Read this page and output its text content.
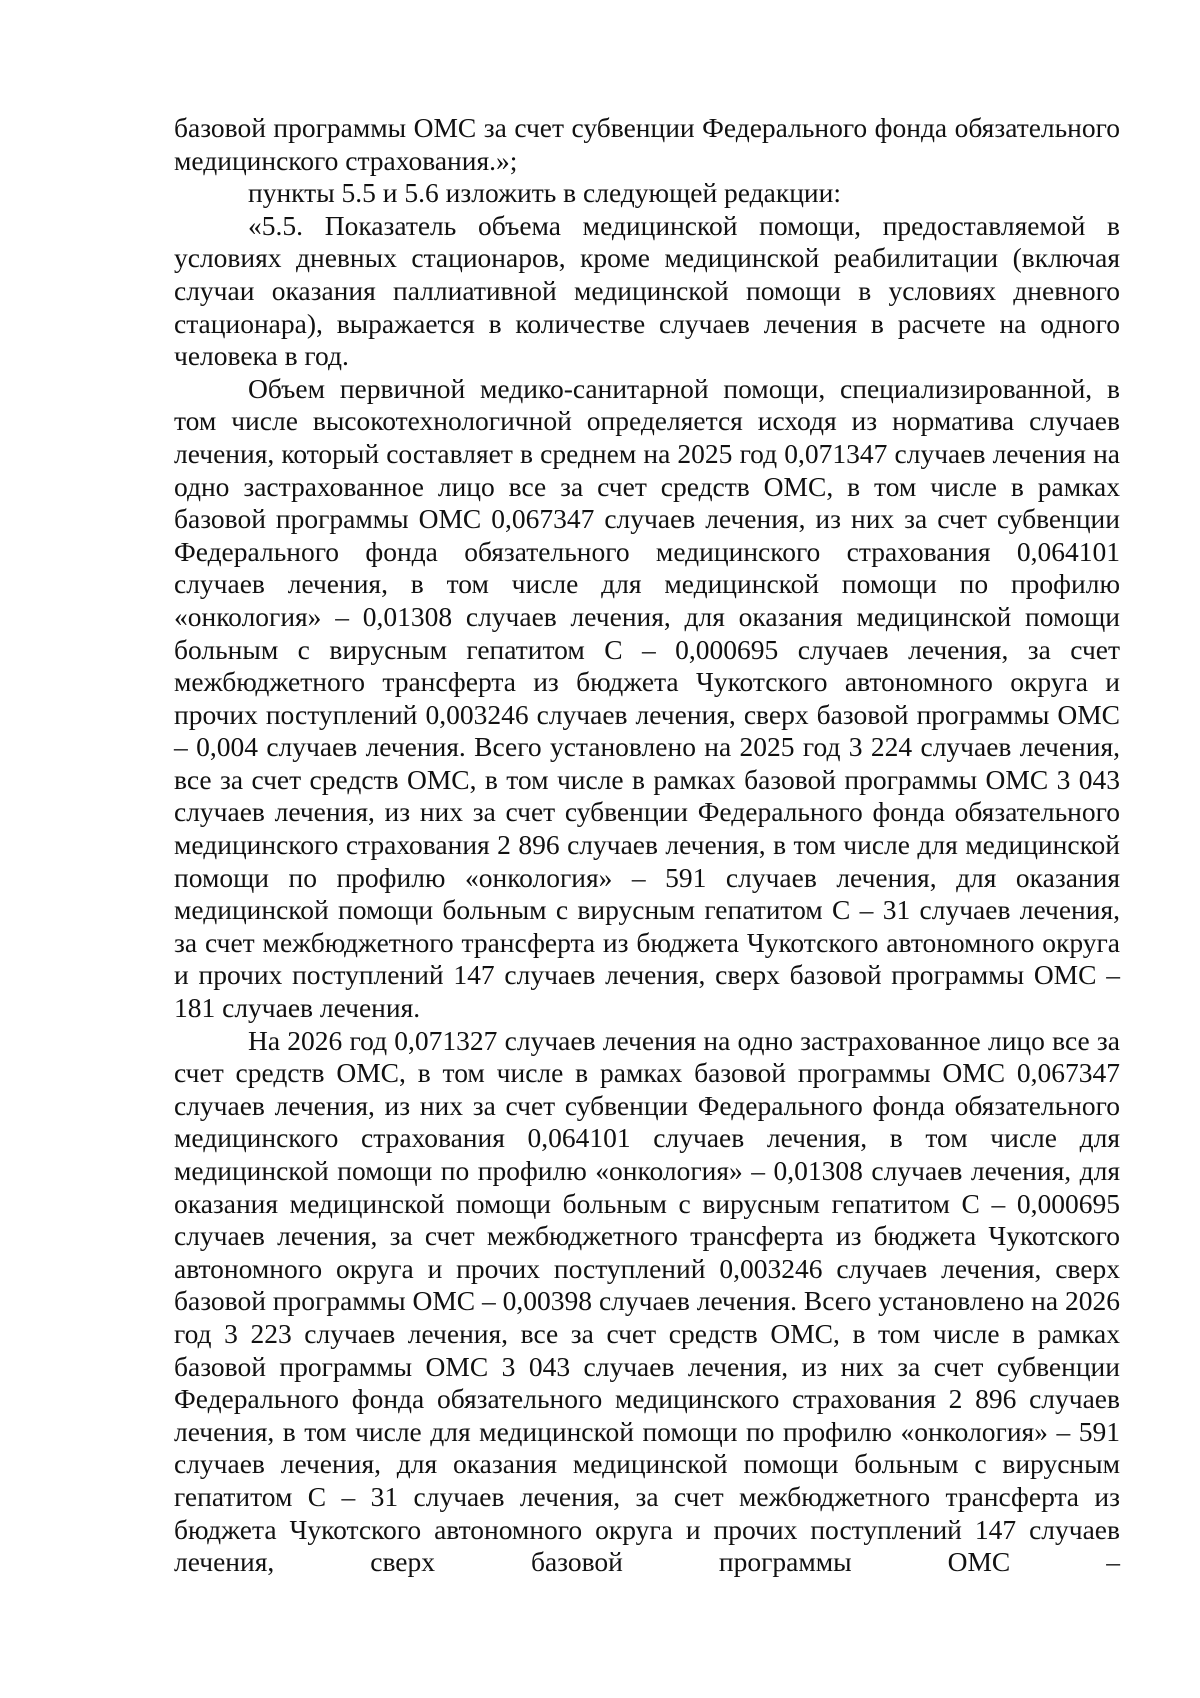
базовой программы ОМС за счет субвенции Федерального фонда обязательного медицинского страхования.»;

пункты 5.5 и 5.6 изложить в следующей редакции:

«5.5. Показатель объема медицинской помощи, предоставляемой в условиях дневных стационаров, кроме медицинской реабилитации (включая случаи оказания паллиативной медицинской помощи в условиях дневного стационара), выражается в количестве случаев лечения в расчете на одного человека в год.

Объем первичной медико-санитарной помощи, специализированной, в том числе высокотехнологичной определяется исходя из норматива случаев лечения, который составляет в среднем на 2025 год 0,071347 случаев лечения на одно застрахованное лицо все за счет средств ОМС, в том числе в рамках базовой программы ОМС 0,067347 случаев лечения, из них за счет субвенции Федерального фонда обязательного медицинского страхования 0,064101 случаев лечения, в том числе для медицинской помощи по профилю «онкология» – 0,01308 случаев лечения, для оказания медицинской помощи больным с вирусным гепатитом С – 0,000695 случаев лечения, за счет межбюджетного трансферта из бюджета Чукотского автономного округа и прочих поступлений 0,003246 случаев лечения, сверх базовой программы ОМС – 0,004 случаев лечения. Всего установлено на 2025 год 3 224 случаев лечения, все за счет средств ОМС, в том числе в рамках базовой программы ОМС 3 043 случаев лечения, из них за счет субвенции Федерального фонда обязательного медицинского страхования 2 896 случаев лечения, в том числе для медицинской помощи по профилю «онкология» – 591 случаев лечения, для оказания медицинской помощи больным с вирусным гепатитом С – 31 случаев лечения, за счет межбюджетного трансферта из бюджета Чукотского автономного округа и прочих поступлений 147 случаев лечения, сверх базовой программы ОМС – 181 случаев лечения.

На 2026 год 0,071327 случаев лечения на одно застрахованное лицо все за счет средств ОМС, в том числе в рамках базовой программы ОМС 0,067347 случаев лечения, из них за счет субвенции Федерального фонда обязательного медицинского страхования 0,064101 случаев лечения, в том числе для медицинской помощи по профилю «онкология» – 0,01308 случаев лечения, для оказания медицинской помощи больным с вирусным гепатитом С – 0,000695 случаев лечения, за счет межбюджетного трансферта из бюджета Чукотского автономного округа и прочих поступлений 0,003246 случаев лечения, сверх базовой программы ОМС – 0,00398 случаев лечения. Всего установлено на 2026 год 3 223 случаев лечения, все за счет средств ОМС, в том числе в рамках базовой программы ОМС 3 043 случаев лечения, из них за счет субвенции Федерального фонда обязательного медицинского страхования 2 896 случаев лечения, в том числе для медицинской помощи по профилю «онкология» – 591 случаев лечения, для оказания медицинской помощи больным с вирусным гепатитом С – 31 случаев лечения, за счет межбюджетного трансферта из бюджета Чукотского автономного округа и прочих поступлений 147 случаев лечения, сверх базовой программы ОМС –
